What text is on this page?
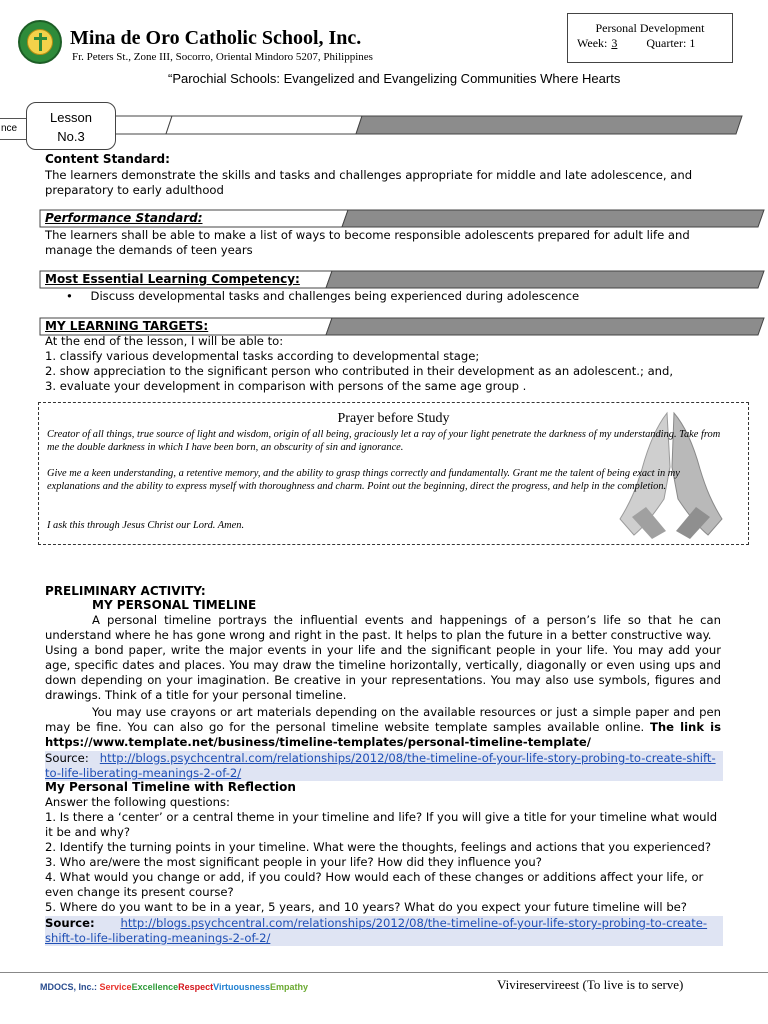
Mina de Oro Catholic School, Inc.
Fr. Peters St., Zone III, Socorro, Oriental Mindoro 5207, Philippines
“Parochial Schools: Evangelized and Evangelizing Communities Where Hearts
Personal Development
Week: 3 Quarter: 1
nce
Lesson
No.3
Content Standard:
The learners demonstrate the skills and tasks and challenges appropriate for middle and late adolescence, and preparatory to early adulthood
Performance Standard:
The learners shall be able to make a list of ways to become responsible adolescents prepared for adult life and manage the demands of teen years
Most Essential Learning Competency:
• Discuss developmental tasks and challenges being experienced during adolescence
MY LEARNING TARGETS:
At the end of the lesson, I will be able to:
1. classify various developmental tasks according to developmental stage;
2. show appreciation to the significant person who contributed in their development as an adolescent.; and,
3. evaluate your development in comparison with persons of the same age group .
Prayer before Study
Creator of all things, true source of light and wisdom, origin of all being, graciously let a ray of your light penetrate the darkness of my understanding. Take from me the double darkness in which I have been born, an obscurity of sin and ignorance.
Give me a keen understanding, a retentive memory, and the ability to grasp things correctly and fundamentally. Grant me the talent of being exact in my explanations and the ability to express myself with thoroughness and charm. Point out the beginning, direct the progress, and help in the completion.
I ask this through Jesus Christ our Lord. Amen.
PRELIMINARY ACTIVITY:
MY PERSONAL TIMELINE
A personal timeline portrays the influential events and happenings of a person’s life so that he can understand where he has gone wrong and right in the past. It helps to plan the future in a better constructive way.
Using a bond paper, write the major events in your life and the significant people in your life. You may add your age, specific dates and places. You may draw the timeline horizontally, vertically, diagonally or even using ups and down depending on your imagination. Be creative in your representations. You may also use symbols, figures and drawings. Think of a title for your personal timeline.
You may use crayons or art materials depending on the available resources or just a simple paper and pen may be fine. You can also go for the personal timeline website template samples available online. The link is https://www.template.net/business/timeline-templates/personal-timeline-template/
Source: http://blogs.psychcentral.com/relationships/2012/08/the-timeline-of-your-life-story-probing-to-create-shift-to-life-liberating-meanings-2-of-2/
My Personal Timeline with Reflection
Answer the following questions:
1. Is there a ‘center’ or a central theme in your timeline and life? If you will give a title for your timeline what would it be and why?
2. Identify the turning points in your timeline. What were the thoughts, feelings and actions that you experienced?
3. Who are/were the most significant people in your life? How did they influence you?
4. What would you change or add, if you could? How would each of these changes or additions affect your life, or even change its present course?
5. Where do you want to be in a year, 5 years, and 10 years? What do you expect your future timeline will be?
Source: http://blogs.psychcentral.com/relationships/2012/08/the-timeline-of-your-life-story-probing-to-create-shift-to-life-liberating-meanings-2-of-2/
MDOCS, Inc.: ServiceExcellenceRespectVirtuousnessEmpathy	Vivireservireest (To live is to serve)
